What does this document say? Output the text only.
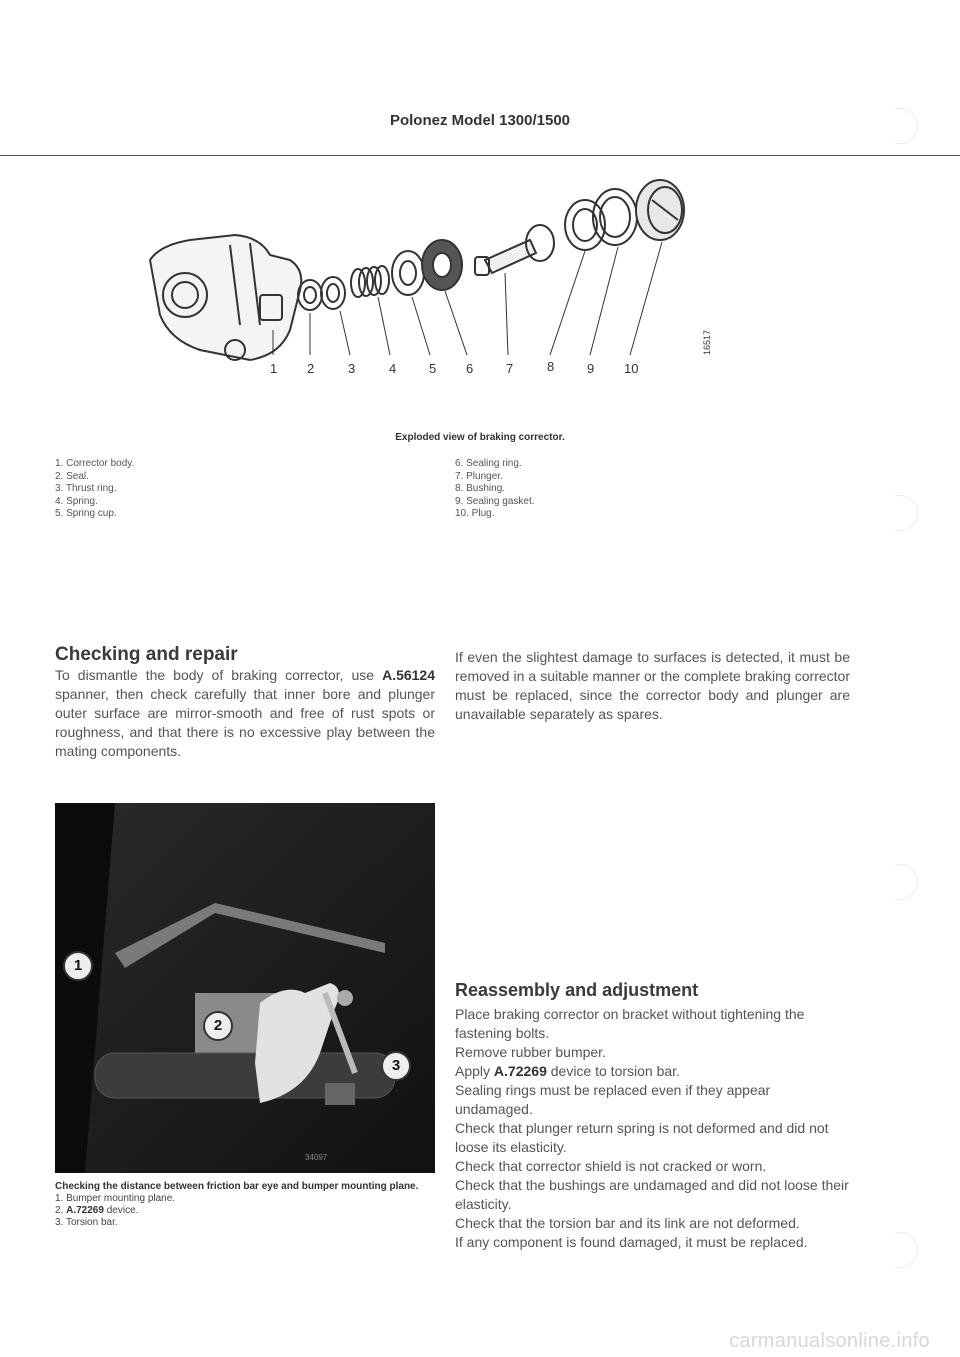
Polonez Model 1300/1500
1 2	3	4	5 6	7	8	9 10
16517
Exploded view of braking corrector.
1. Corrector body.
2. Seal.
3. Thrust ring.
4. Spring.
5. Spring cup.
6. Sealing ring.
7. Plunger.
8. Bushing.
9. Sealing gasket.
10. Plug.
Checking and repair

To dismantle the body of braking corrector, use A.56124 spanner, then check carefully that inner bore and plunger outer surface are mirror-smooth and free of rust spots or roughness, and that there is no excessive play between the mating components.

If even the slightest damage to surfaces is detected, it must be removed in a suitable manner or the complete braking corrector must be replaced, since the corrector body and plunger are unavailable separately as spares.

1
2
3
34097
Checking the distance between friction bar eye and bumper mounting plane.
1. Bumper mounting plane.
2. A.72269 device.
3. Torsion bar.
Reassembly and adjustment
Place braking corrector on bracket without tightening the fastening bolts.
Remove rubber bumper.
Apply A.72269 device to torsion bar.
Sealing rings must be replaced even if they appear undamaged.
Check that plunger return spring is not deformed and did not loose its elasticity.
Check that corrector shield is not cracked or worn.
Check that the bushings are undamaged and did not loose their elasticity.
Check that the torsion bar and its link are not deformed.
If any component is found damaged, it must be replaced.
carmanualsonline.info
